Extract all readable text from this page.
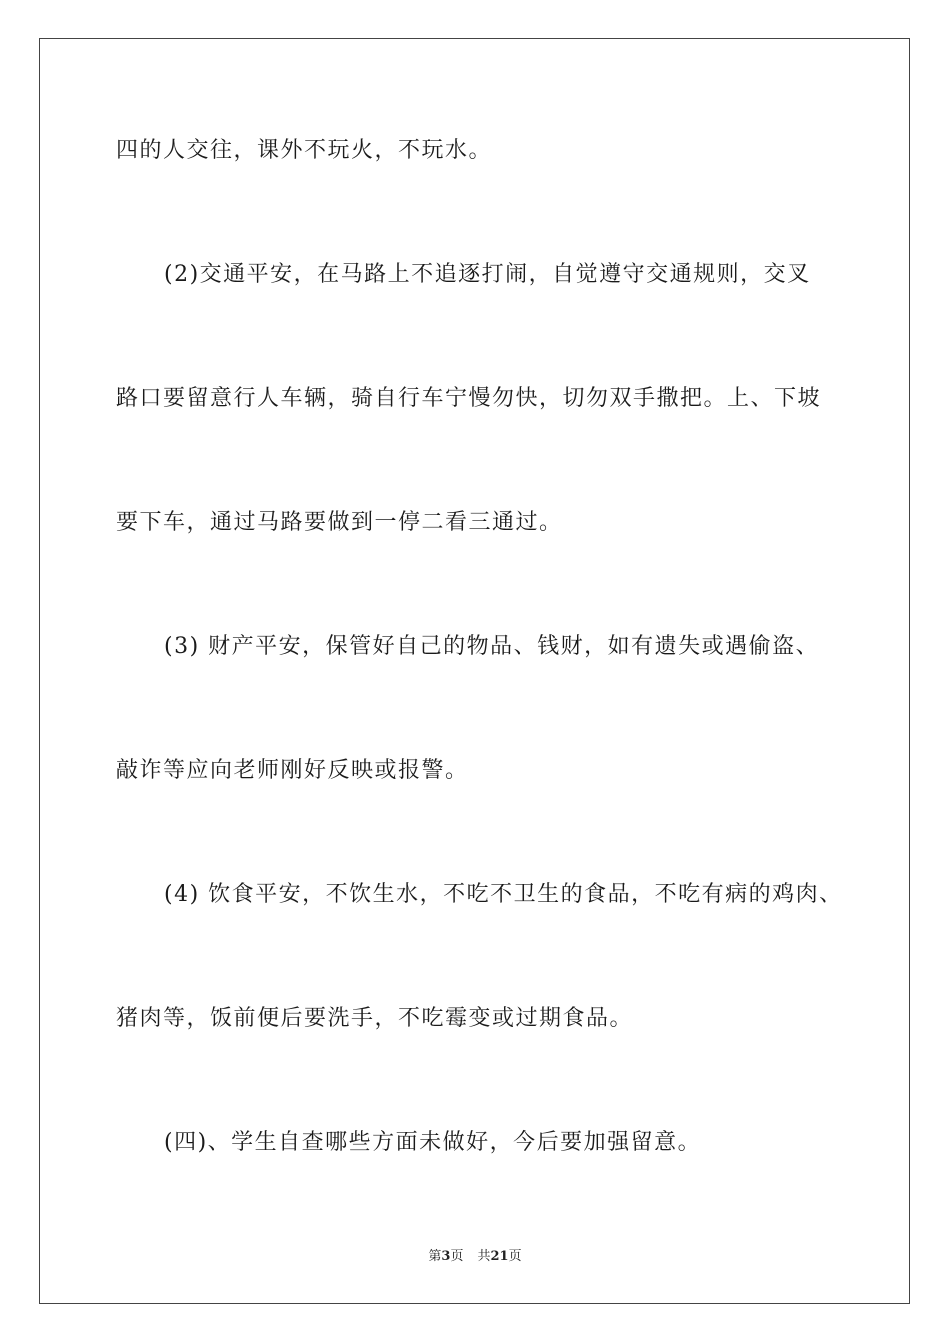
四的人交往，课外不玩火，不玩水。
(2)交通平安，在马路上不追逐打闹，自觉遵守交通规则，交叉
路口要留意行人车辆，骑自行车宁慢勿快，切勿双手撒把。上、下坡
要下车，通过马路要做到一停二看三通过。
(3) 财产平安，保管好自己的物品、钱财，如有遗失或遇偷盗、
敲诈等应向老师刚好反映或报警。
(4) 饮食平安，不饮生水，不吃不卫生的食品，不吃有病的鸡肉、
猪肉等，饭前便后要洗手，不吃霉变或过期食品。
(四)、学生自查哪些方面未做好，今后要加强留意。
第3页 共21页
